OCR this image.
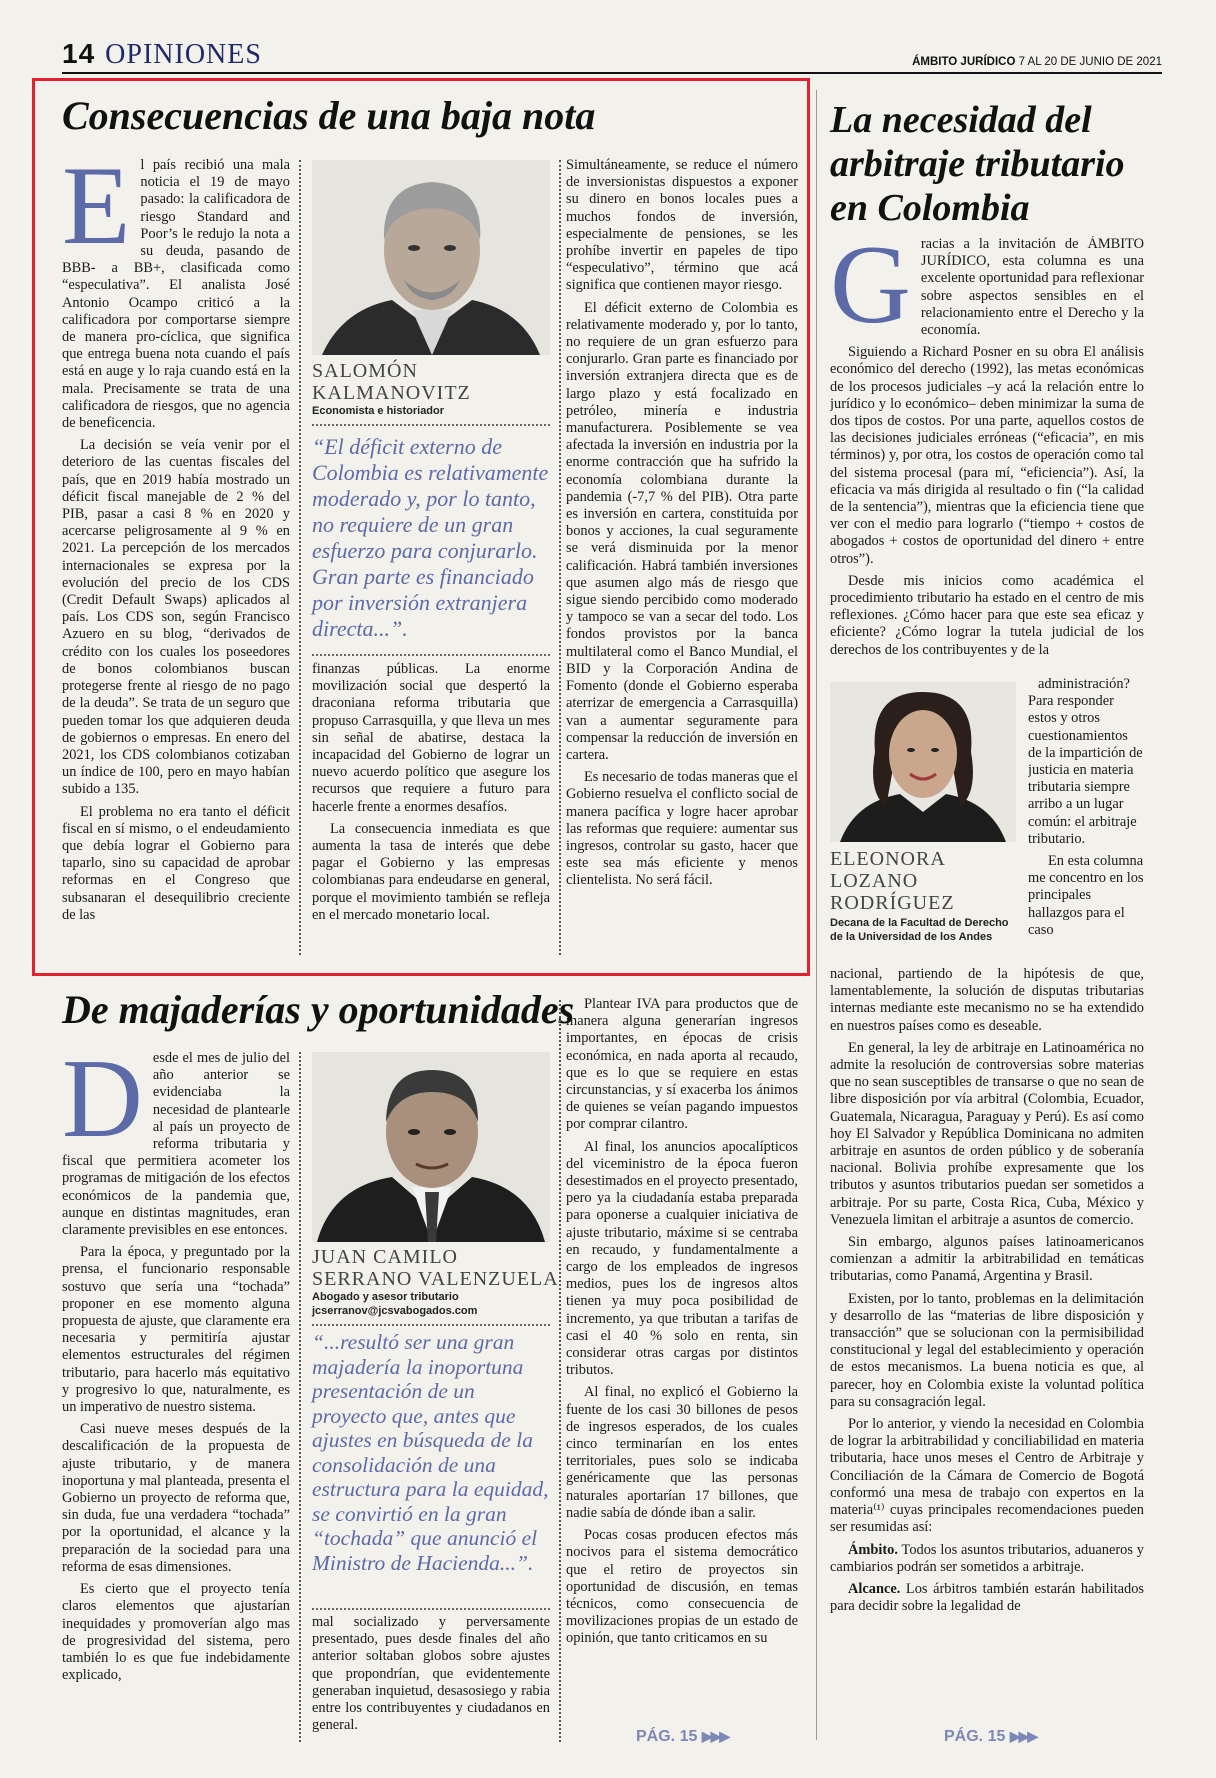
14 OPINIONES	ÁMBITO JURÍDICO 7 AL 20 DE JUNIO DE 2021
Consecuencias de una baja nota

El país recibió una mala noticia el 19 de mayo pasado: la calificadora de riesgo Standard and Poor’s le redujo la nota a su deuda, pasando de BBB- a BB+, clasificada como “especulativa”. El analista José Antonio Ocampo criticó a la calificadora por comportarse siempre de manera pro-cíclica, que significa que entrega buena nota cuando el país está en auge y lo raja cuando está en la mala. Precisamente se trata de una calificadora de riesgos, que no agencia de beneficencia.

La decisión se veía venir por el deterioro de las cuentas fiscales del país, que en 2019 había mostrado un déficit fiscal manejable de 2 % del PIB, pasar a casi 8 % en 2020 y acercarse peligrosamente al 9 % en 2021. La percepción de los mercados internacionales se expresa por la evolución del precio de los CDS (Credit Default Swaps) aplicados al país. Los CDS son, según Francisco Azuero en su blog, “derivados de crédito con los cuales los poseedores de bonos colombianos buscan protegerse frente al riesgo de no pago de la deuda”. Se trata de un seguro que pueden tomar los que adquieren deuda de gobiernos o empresas. En enero del 2021, los CDS colombianos cotizaban un índice de 100, pero en mayo habían subido a 135.

El problema no era tanto el déficit fiscal en sí mismo, o el endeudamiento que debía lograr el Gobierno para taparlo, sino su capacidad de aprobar reformas en el Congreso que subsanaran el desequilibrio creciente de las

SALOMÓN
KALMANOVITZ
Economista e historiador
“El déficit externo de Colombia es relativamente moderado y, por lo tanto, no requiere de un gran esfuerzo para conjurarlo. Gran parte es financiado por inversión extranjera directa...”.

finanzas públicas. La enorme movilización social que despertó la draconiana reforma tributaria que propuso Carrasquilla, y que lleva un mes sin señal de abatirse, destaca la incapacidad del Gobierno de lograr un nuevo acuerdo político que asegure los recursos que requiere a futuro para hacerle frente a enormes desafíos.

La consecuencia inmediata es que aumenta la tasa de interés que debe pagar el Gobierno y las empresas colombianas para endeudarse en general, porque el movimiento también se refleja en el mercado monetario local.

Simultáneamente, se reduce el número de inversionistas dispuestos a exponer su dinero en bonos locales pues a muchos fondos de inversión, especialmente de pensiones, se les prohíbe invertir en papeles de tipo “especulativo”, término que acá significa que contienen mayor riesgo.

El déficit externo de Colombia es relativamente moderado y, por lo tanto, no requiere de un gran esfuerzo para conjurarlo. Gran parte es financiado por inversión extranjera directa que es de largo plazo y está focalizado en petróleo, minería e industria manufacturera. Posiblemente se vea afectada la inversión en industria por la enorme contracción que ha sufrido la economía colombiana durante la pandemia (-7,7 % del PIB). Otra parte es inversión en cartera, constituida por bonos y acciones, la cual seguramente se verá disminuida por la menor calificación. Habrá también inversiones que asumen algo más de riesgo que sigue siendo percibido como moderado y tampoco se van a secar del todo. Los fondos provistos por la banca multilateral como el Banco Mundial, el BID y la Corporación Andina de Fomento (donde el Gobierno esperaba aterrizar de emergencia a Carrasquilla) van a aumentar seguramente para compensar la reducción de inversión en cartera.

Es necesario de todas maneras que el Gobierno resuelva el conflicto social de manera pacífica y logre hacer aprobar las reformas que requiere: aumentar sus ingresos, controlar su gasto, hacer que este sea más eficiente y menos clientelista. No será fácil.

De majaderías y oportunidades

Desde el mes de julio del año anterior se evidenciaba la necesidad de plantearle al país un proyecto de reforma tributaria y fiscal que permitiera acometer los programas de mitigación de los efectos económicos de la pandemia que, aunque en distintas magnitudes, eran claramente previsibles en ese entonces.

Para la época, y preguntado por la prensa, el funcionario responsable sostuvo que sería una “tochada” proponer en ese momento alguna propuesta de ajuste, que claramente era necesaria y permitiría ajustar elementos estructurales del régimen tributario, para hacerlo más equitativo y progresivo lo que, naturalmente, es un imperativo de nuestro sistema.

Casi nueve meses después de la descalificación de la propuesta de ajuste tributario, y de manera inoportuna y mal planteada, presenta el Gobierno un proyecto de reforma que, sin duda, fue una verdadera “tochada” por la oportunidad, el alcance y la preparación de la sociedad para una reforma de esas dimensiones.

Es cierto que el proyecto tenía claros elementos que ajustarían inequidades y promoverían algo mas de progresividad del sistema, pero también lo es que fue indebidamente explicado,

JUAN CAMILO
SERRANO VALENZUELA
Abogado y asesor tributario
jcserranov@jcsvabogados.com
“...resultó ser una gran majadería la inoportuna presentación de un proyecto que, antes que ajustes en búsqueda de la consolidación de una estructura para la equidad, se convirtió en la gran “tochada” que anunció el Ministro de Hacienda...”.

mal socializado y perversamente presentado, pues desde finales del año anterior soltaban globos sobre ajustes que propondrían, que evidentemente generaban inquietud, desasosiego y rabia entre los contribuyentes y ciudadanos en general.

Plantear IVA para productos que de manera alguna generarían ingresos importantes, en épocas de crisis económica, en nada aporta al recaudo, que es lo que se requiere en estas circunstancias, y sí exacerba los ánimos de quienes se veían pagando impuestos por comprar cilantro.

Al final, los anuncios apocalípticos del viceministro de la época fueron desestimados en el proyecto presentado, pero ya la ciudadanía estaba preparada para oponerse a cualquier iniciativa de ajuste tributario, máxime si se centraba en recaudo, y fundamentalmente a cargo de los empleados de ingresos medios, pues los de ingresos altos tienen ya muy poca posibilidad de incremento, ya que tributan a tarifas de casi el 40 % solo en renta, sin considerar otras cargas por distintos tributos.

Al final, no explicó el Gobierno la fuente de los casi 30 billones de pesos de ingresos esperados, de los cuales cinco terminarían en los entes territoriales, pues solo se indicaba genéricamente que las personas naturales aportarían 17 billones, que nadie sabía de dónde iban a salir.

Pocas cosas producen efectos más nocivos para el sistema democrático que el retiro de proyectos sin oportunidad de discusión, en temas técnicos, como consecuencia de movilizaciones propias de un estado de opinión, que tanto criticamos en su

PÁG. 15 ▶▶▶
La necesidad del
arbitraje tributario
en Colombia

Gracias a la invitación de ÁMBITO JURÍDICO, esta columna es una excelente oportunidad para reflexionar sobre aspectos sensibles en el relacionamiento entre el Derecho y la economía.

Siguiendo a Richard Posner en su obra El análisis económico del derecho (1992), las metas económicas de los procesos judiciales –y acá la relación entre lo jurídico y lo económico– deben minimizar la suma de dos tipos de costos. Por una parte, aquellos costos de las decisiones judiciales erróneas (“eficacia”, en mis términos) y, por otra, los costos de operación como tal del sistema procesal (para mí, “eficiencia”). Así, la eficacia va más dirigida al resultado o fin (“la calidad de la sentencia”), mientras que la eficiencia tiene que ver con el medio para lograrlo (“tiempo + costos de abogados + costos de oportunidad del dinero + entre otros”).

Desde mis inicios como académica el procedimiento tributario ha estado en el centro de mis reflexiones. ¿Cómo hacer para que este sea eficaz y eficiente? ¿Cómo lograr la tutela judicial de los derechos de los contribuyentes y de la

ELEONORA
LOZANO
RODRÍGUEZ
Decana de la Facultad de Derecho
de la Universidad de los Andes

administración? Para responder estos y otros cuestionamientos de la impartición de justicia en materia tributaria siempre arribo a un lugar común: el arbitraje tributario.

En esta columna me concentro en los principales hallazgos para el caso

nacional, partiendo de la hipótesis de que, lamentablemente, la solución de disputas tributarias internas mediante este mecanismo no se ha extendido en nuestros países como es deseable.

En general, la ley de arbitraje en Latinoamérica no admite la resolución de controversias sobre materias que no sean susceptibles de transarse o que no sean de libre disposición por vía arbitral (Colombia, Ecuador, Guatemala, Nicaragua, Paraguay y Perú). Es así como hoy El Salvador y República Dominicana no admiten arbitraje en asuntos de orden público y de soberanía nacional. Bolivia prohíbe expresamente que los tributos y asuntos tributarios puedan ser sometidos a arbitraje. Por su parte, Costa Rica, Cuba, México y Venezuela limitan el arbitraje a asuntos de comercio.

Sin embargo, algunos países latinoamericanos comienzan a admitir la arbitrabilidad en temáticas tributarias, como Panamá, Argentina y Brasil.

Existen, por lo tanto, problemas en la delimitación y desarrollo de las “materias de libre disposición y transacción” que se solucionan con la permisibilidad constitucional y legal del establecimiento y operación de estos mecanismos. La buena noticia es que, al parecer, hoy en Colombia existe la voluntad política para su consagración legal.

Por lo anterior, y viendo la necesidad en Colombia de lograr la arbitrabilidad y conciliabilidad en materia tributaria, hace unos meses el Centro de Arbitraje y Conciliación de la Cámara de Comercio de Bogotá conformó una mesa de trabajo con expertos en la materia⁽¹⁾ cuyas principales recomendaciones pueden ser resumidas así:

Ámbito. Todos los asuntos tributarios, aduaneros y cambiarios podrán ser sometidos a arbitraje.

Alcance. Los árbitros también estarán habilitados para decidir sobre la legalidad de

PÁG. 15 ▶▶▶
